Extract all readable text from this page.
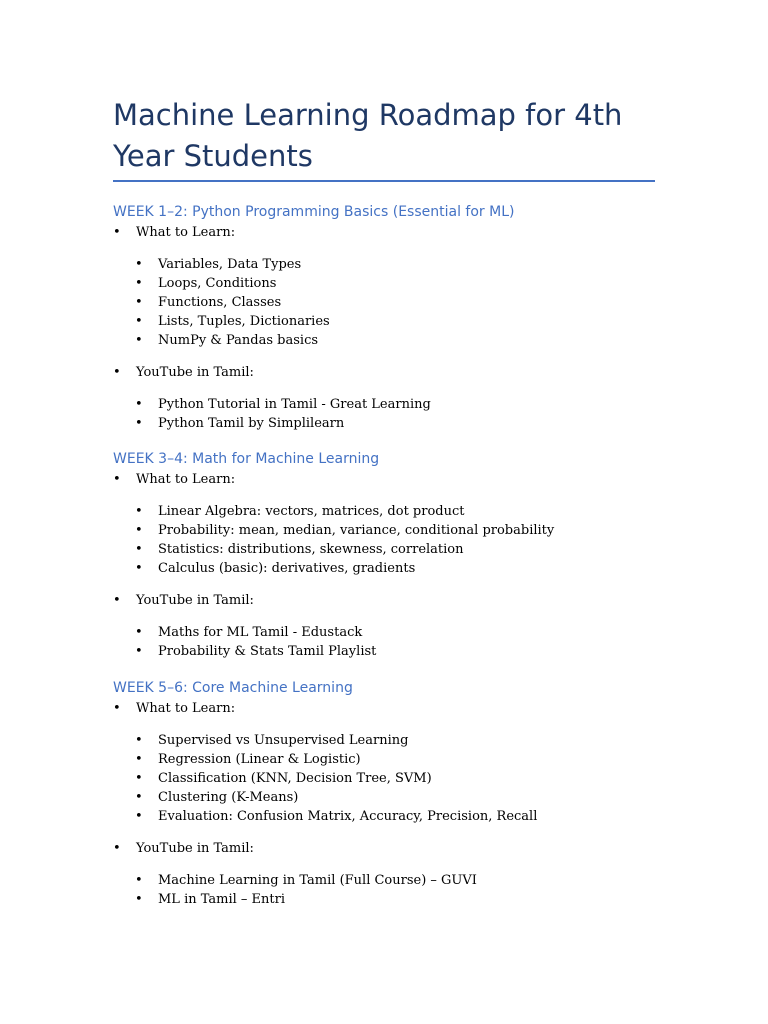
Machine Learning Roadmap for 4th Year Students
WEEK 1–2: Python Programming Basics (Essential for ML)
• What to Learn:
• Variables, Data Types
• Loops, Conditions
• Functions, Classes
• Lists, Tuples, Dictionaries
• NumPy & Pandas basics
• YouTube in Tamil:
• Python Tutorial in Tamil - Great Learning
• Python Tamil by Simplilearn
WEEK 3–4: Math for Machine Learning
• What to Learn:
• Linear Algebra: vectors, matrices, dot product
• Probability: mean, median, variance, conditional probability
• Statistics: distributions, skewness, correlation
• Calculus (basic): derivatives, gradients
• YouTube in Tamil:
• Maths for ML Tamil - Edustack
• Probability & Stats Tamil Playlist
WEEK 5–6: Core Machine Learning
• What to Learn:
• Supervised vs Unsupervised Learning
• Regression (Linear & Logistic)
• Classification (KNN, Decision Tree, SVM)
• Clustering (K-Means)
• Evaluation: Confusion Matrix, Accuracy, Precision, Recall
• YouTube in Tamil:
• Machine Learning in Tamil (Full Course) – GUVI
• ML in Tamil – Entri
